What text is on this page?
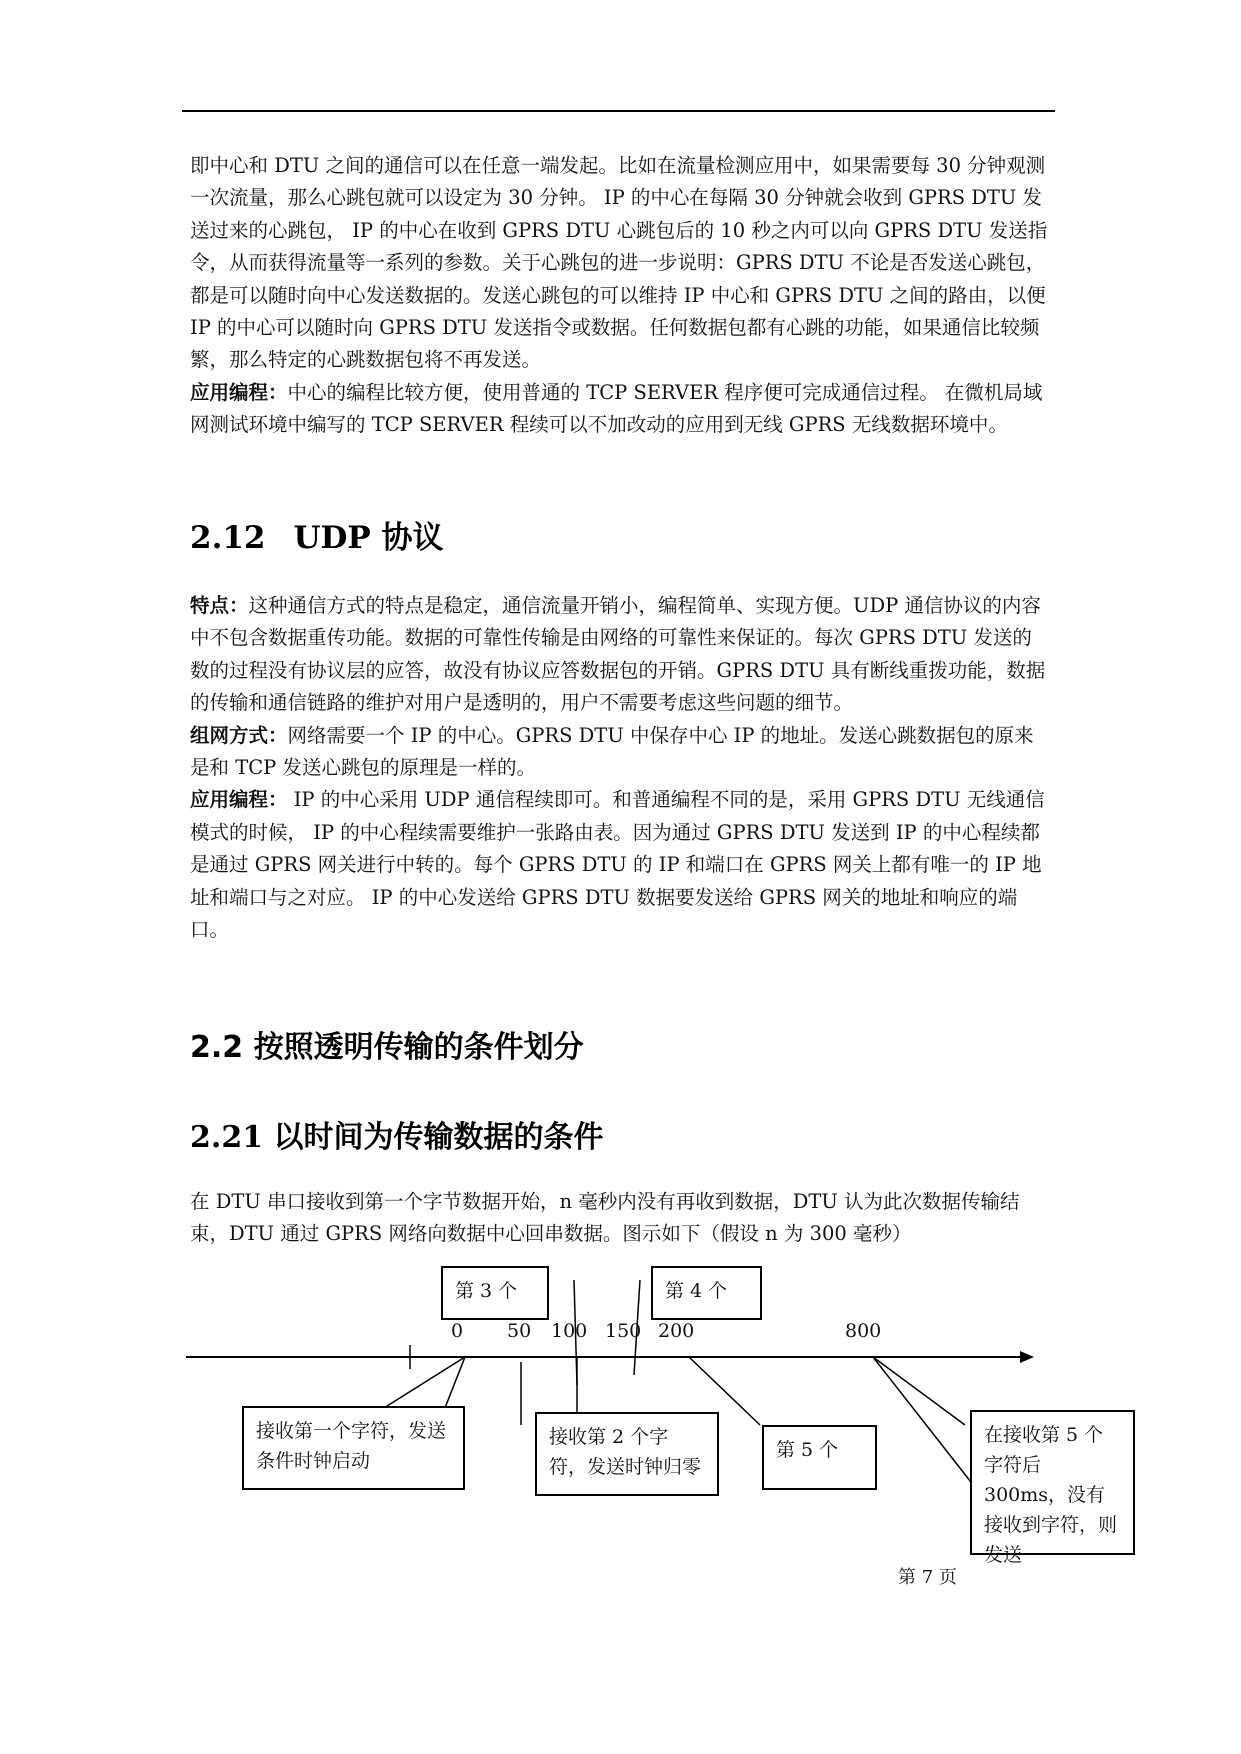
即中心和 DTU 之间的通信可以在任意一端发起。比如在流量检测应用中，如果需要每 30 分钟观测一次流量，那么心跳包就可以设定为 30 分钟。 IP 的中心在每隔 30 分钟就会收到 GPRS DTU 发送过来的心跳包， IP 的中心在收到 GPRS DTU 心跳包后的 10 秒之内可以向 GPRS DTU 发送指令，从而获得流量等一系列的参数。关于心跳包的进一步说明：GPRS DTU 不论是否发送心跳包，都是可以随时向中心发送数据的。发送心跳包的可以维持 IP 中心和 GPRS DTU 之间的路由，以便 IP 的中心可以随时向 GPRS DTU 发送指令或数据。任何数据包都有心跳的功能，如果通信比较频繁，那么特定的心跳数据包将不再发送。
应用编程：中心的编程比较方便，使用普通的 TCP SERVER 程序便可完成通信过程。 在微机局域网测试环境中编写的 TCP SERVER 程续可以不加改动的应用到无线 GPRS 无线数据环境中。
2.12 UDP 协议
特点：这种通信方式的特点是稳定，通信流量开销小，编程简单、实现方便。UDP 通信协议的内容中不包含数据重传功能。数据的可靠性传输是由网络的可靠性来保证的。每次 GPRS DTU 发送的数的过程没有协议层的应答，故没有协议应答数据包的开销。GPRS DTU 具有断线重拨功能，数据的传输和通信链路的维护对用户是透明的，用户不需要考虑这些问题的细节。
组网方式：网络需要一个 IP 的中心。GPRS DTU 中保存中心 IP 的地址。发送心跳数据包的原来是和 TCP 发送心跳包的原理是一样的。
应用编程： IP 的中心采用 UDP 通信程续即可。和普通编程不同的是，采用 GPRS DTU 无线通信模式的时候， IP 的中心程续需要维护一张路由表。因为通过 GPRS DTU 发送到 IP 的中心程续都是通过 GPRS 网关进行中转的。每个 GPRS DTU 的 IP 和端口在 GPRS 网关上都有唯一的 IP 地址和端口与之对应。 IP 的中心发送给 GPRS DTU 数据要发送给 GPRS 网关的地址和响应的端口。
2.2 按照透明传输的条件划分
2.21 以时间为传输数据的条件
在 DTU 串口接收到第一个字节数据开始，n 毫秒内没有再收到数据，DTU 认为此次数据传输结束，DTU 通过 GPRS 网络向数据中心回串数据。图示如下（假设 n 为 300 毫秒）
第 3 个	第 4 个
0 50 100 150 200	800
接收第一个字符，发送条件时钟启动
接收第 2 个字符，发送时钟归零
第 5 个
在接收第 5 个字符后 300ms，没有接收到字符，则发送
第 7 页
